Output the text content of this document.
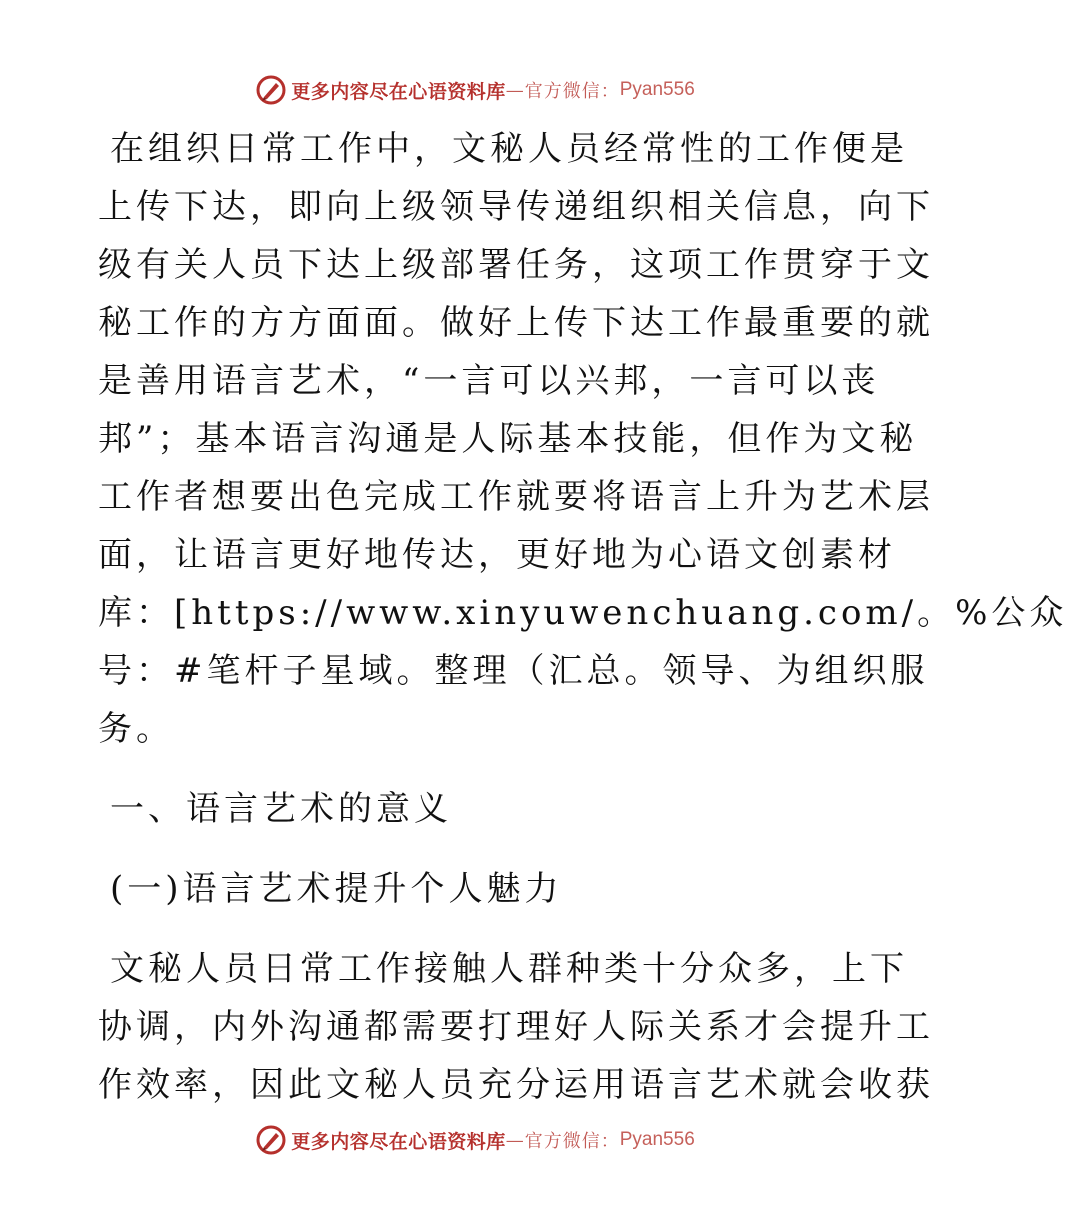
更多内容尽在心语资料库 — 官方微信： Pyan556
在组织日常工作中，文秘人员经常性的工作便是
上传下达，即向上级领导传递组织相关信息，向下
级有关人员下达上级部署任务，这项工作贯穿于文
秘工作的方方面面。做好上传下达工作最重要的就
是善用语言艺术，“一言可以兴邦，一言可以丧
邦”；基本语言沟通是人际基本技能，但作为文秘
工作者想要出色完成工作就要将语言上升为艺术层
面，让语言更好地传达，更好地为心语文创素材
库：[https://www.xinyuwenchuang.com/。%公众
号：#笔杆子星域。整理（汇总。领导、为组织服
务。
一、语言艺术的意义
(一)语言艺术提升个人魅力
文秘人员日常工作接触人群种类十分众多，上下
协调，内外沟通都需要打理好人际关系才会提升工
作效率，因此文秘人员充分运用语言艺术就会收获
更多内容尽在心语资料库 — 官方微信： Pyan556
